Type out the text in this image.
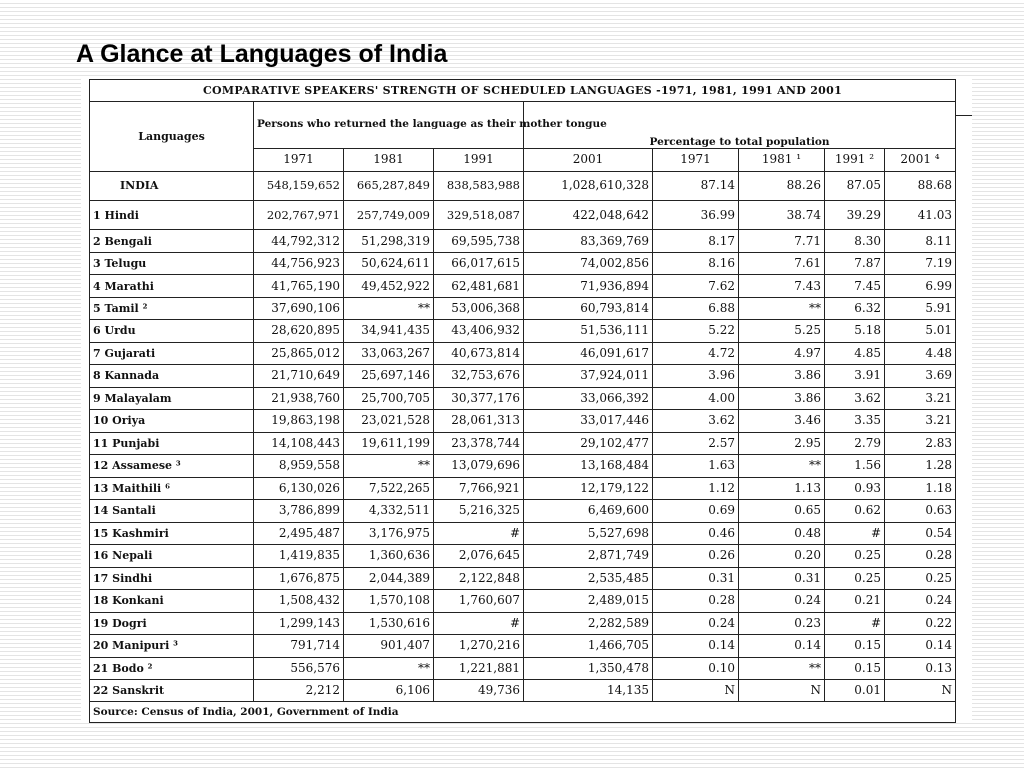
A Glance at Languages of India
COMPARATIVE SPEAKERS' STRENGTH OF SCHEDULED LANGUAGES -1971, 1981, 1991 AND 2001								
Languages	Persons who returned the language as their mother tongue							
				Percentage to total population				
	1971	1981	1991	2001	1971	1981 ¹	1991 ²	2001 ⁴
INDIA	548,159,652	665,287,849	838,583,988	1,028,610,328	87.14	88.26	87.05	88.68
1 Hindi	202,767,971	257,749,009	329,518,087	422,048,642	36.99	38.74	39.29	41.03
2 Bengali	44,792,312	51,298,319	69,595,738	83,369,769	8.17	7.71	8.30	8.11
3 Telugu	44,756,923	50,624,611	66,017,615	74,002,856	8.16	7.61	7.87	7.19
4 Marathi	41,765,190	49,452,922	62,481,681	71,936,894	7.62	7.43	7.45	6.99
5 Tamil ²	37,690,106	**	53,006,368	60,793,814	6.88	**	6.32	5.91
6 Urdu	28,620,895	34,941,435	43,406,932	51,536,111	5.22	5.25	5.18	5.01
7 Gujarati	25,865,012	33,063,267	40,673,814	46,091,617	4.72	4.97	4.85	4.48
8 Kannada	21,710,649	25,697,146	32,753,676	37,924,011	3.96	3.86	3.91	3.69
9 Malayalam	21,938,760	25,700,705	30,377,176	33,066,392	4.00	3.86	3.62	3.21
10 Oriya	19,863,198	23,021,528	28,061,313	33,017,446	3.62	3.46	3.35	3.21
11 Punjabi	14,108,443	19,611,199	23,378,744	29,102,477	2.57	2.95	2.79	2.83
12 Assamese ³	8,959,558	**	13,079,696	13,168,484	1.63	**	1.56	1.28
13 Maithili ⁶	6,130,026	7,522,265	7,766,921	12,179,122	1.12	1.13	0.93	1.18
14 Santali	3,786,899	4,332,511	5,216,325	6,469,600	0.69	0.65	0.62	0.63
15 Kashmiri	2,495,487	3,176,975	#	5,527,698	0.46	0.48	#	0.54
16 Nepali	1,419,835	1,360,636	2,076,645	2,871,749	0.26	0.20	0.25	0.28
17 Sindhi	1,676,875	2,044,389	2,122,848	2,535,485	0.31	0.31	0.25	0.25
18 Konkani	1,508,432	1,570,108	1,760,607	2,489,015	0.28	0.24	0.21	0.24
19 Dogri	1,299,143	1,530,616	#	2,282,589	0.24	0.23	#	0.22
20 Manipuri ³	791,714	901,407	1,270,216	1,466,705	0.14	0.14	0.15	0.14
21 Bodo ²	556,576	**	1,221,881	1,350,478	0.10	**	0.15	0.13
22 Sanskrit	2,212	6,106	49,736	14,135	N	N	0.01	N
Source: Census of India, 2001, Government of India								
